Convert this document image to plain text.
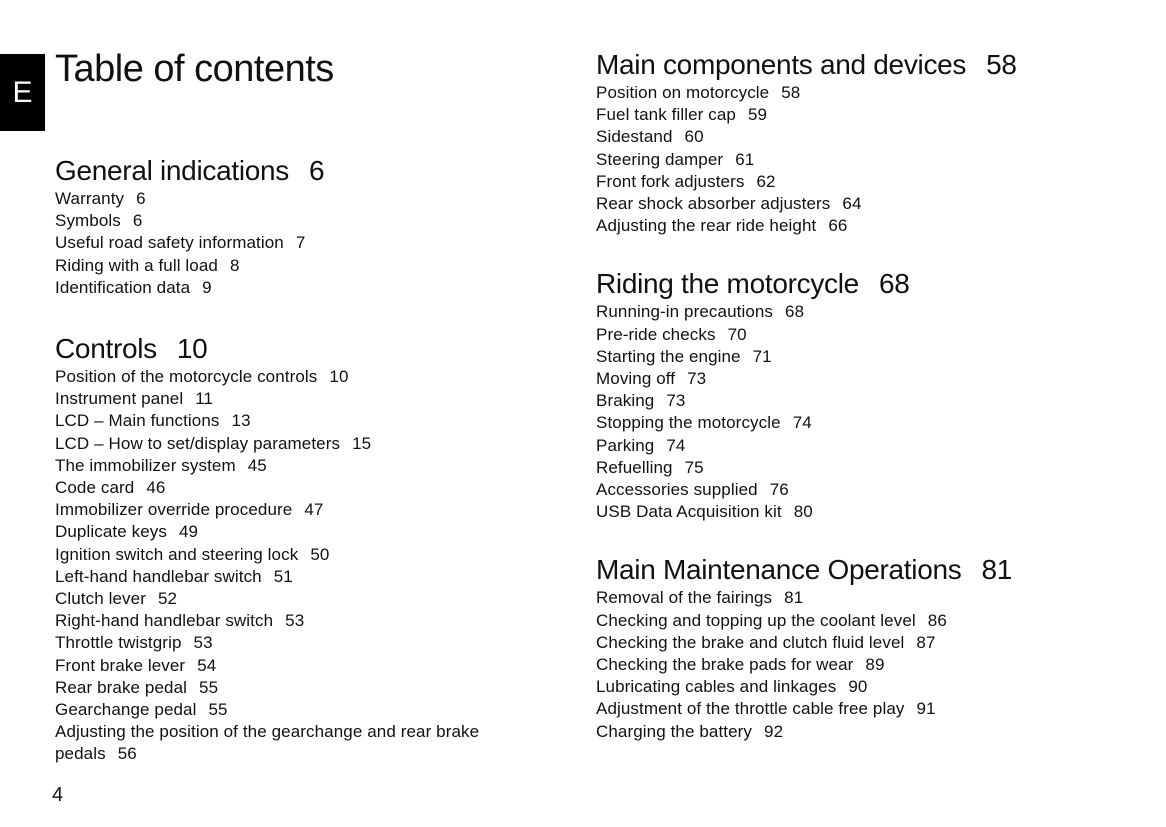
E
Table of contents
General indications 6
Warranty 6
Symbols 6
Useful road safety information 7
Riding with a full load 8
Identification data 9
Controls 10
Position of the motorcycle controls 10
Instrument panel 11
LCD – Main functions 13
LCD – How to set/display parameters 15
The immobilizer system 45
Code card 46
Immobilizer override procedure 47
Duplicate keys 49
Ignition switch and steering lock 50
Left-hand handlebar switch 51
Clutch lever 52
Right-hand handlebar switch 53
Throttle twistgrip 53
Front brake lever 54
Rear brake pedal 55
Gearchange pedal 55
Adjusting the position of the gearchange and rear brake pedals 56
Main components and devices 58
Position on motorcycle 58
Fuel tank filler cap 59
Sidestand 60
Steering damper 61
Front fork adjusters 62
Rear shock absorber adjusters 64
Adjusting the rear ride height 66
Riding the motorcycle 68
Running-in precautions 68
Pre-ride checks 70
Starting the engine 71
Moving off 73
Braking 73
Stopping the motorcycle 74
Parking 74
Refuelling 75
Accessories supplied 76
USB Data Acquisition kit 80
Main Maintenance Operations 81
Removal of the fairings 81
Checking and topping up the coolant level 86
Checking the brake and clutch fluid level 87
Checking the brake pads for wear 89
Lubricating cables and linkages 90
Adjustment of the throttle cable free play 91
Charging the battery 92
4
